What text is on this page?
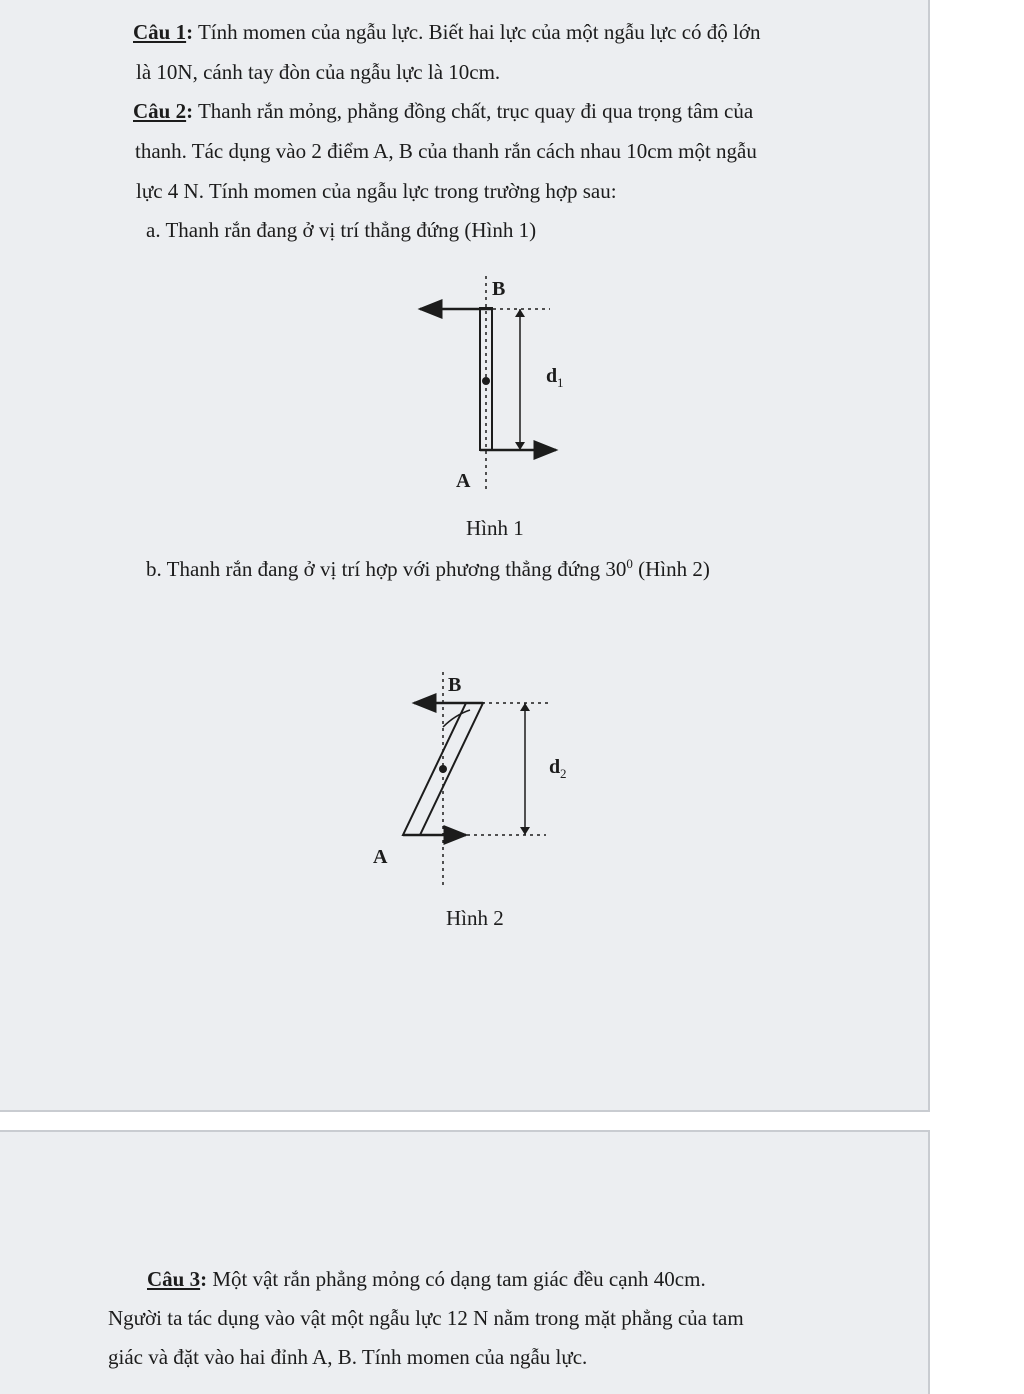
Câu 1: Tính momen của ngẫu lực. Biết hai lực của một ngẫu lực có độ lớn
là 10N, cánh tay đòn của ngẫu lực là 10cm.
Câu 2: Thanh rắn mỏng, phẳng đồng chất, trục quay đi qua trọng tâm của
thanh. Tác dụng vào 2 điểm A, B của thanh rắn cách nhau 10cm một ngẫu
lực 4 N. Tính momen của ngẫu lực trong trường hợp sau:
a. Thanh rắn đang ở vị trí thẳng đứng (Hình 1)
B
A
d 1
Hình 1
b. Thanh rắn đang ở vị trí hợp với phương thẳng đứng $30^0$ (Hình 2)
B
A
d 2
Hình 2
Câu 3: Một vật rắn phẳng mỏng có dạng tam giác đều cạnh 40cm.
Người ta tác dụng vào vật một ngẫu lực 12 N nằm trong mặt phẳng của tam
giác và đặt vào hai đỉnh A, B. Tính momen của ngẫu lực.
